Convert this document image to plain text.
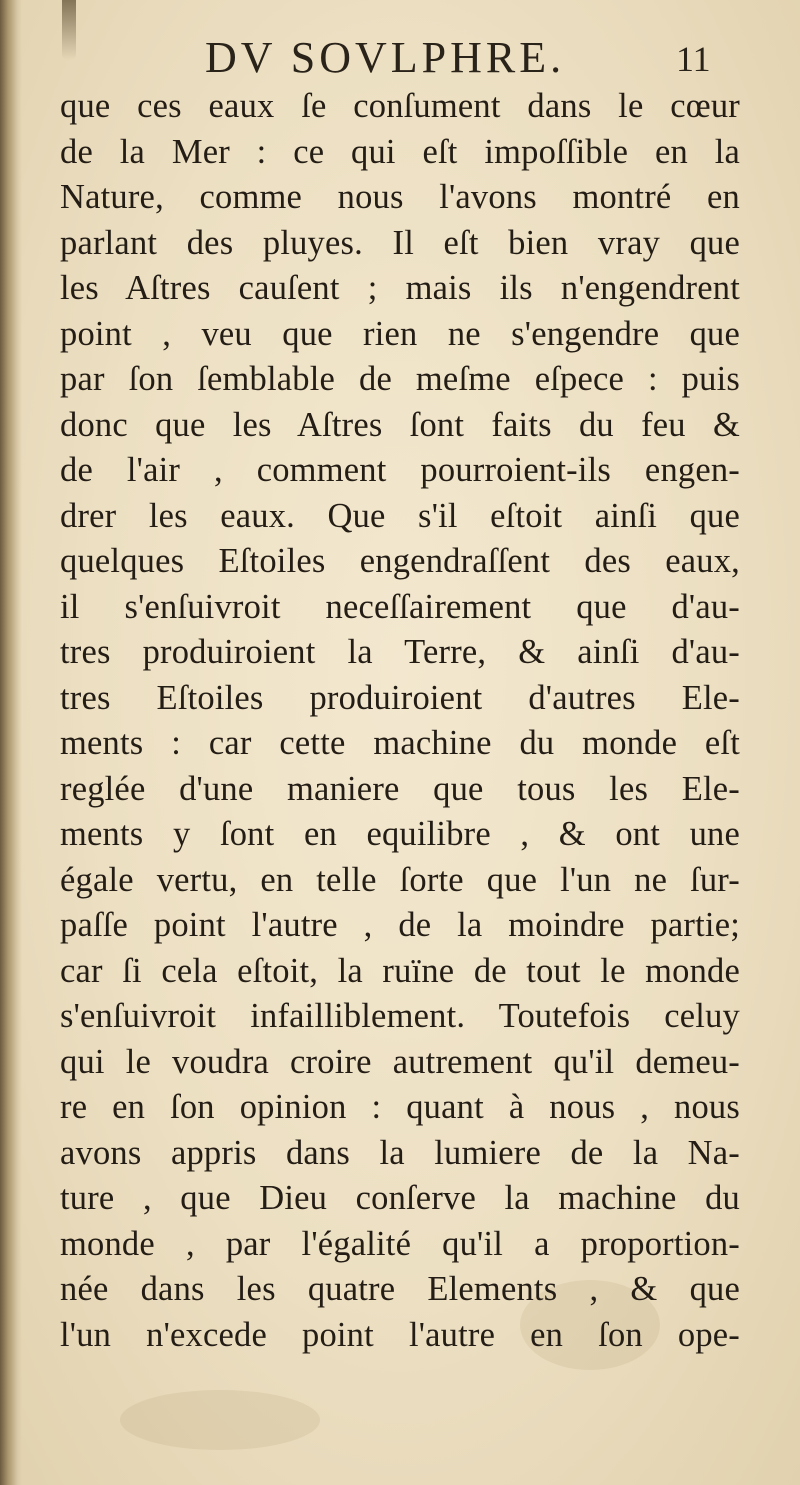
DV SOVLPHRE.	11
que ces eaux ſe conſument dans le cœur
de la Mer : ce qui eſt impoſſible en la
Nature, comme nous l'avons montré en
parlant des pluyes. Il eſt bien vray que
les Aſtres cauſent ; mais ils n'engendrent
point , veu que rien ne s'engendre que
par ſon ſemblable de meſme eſpece : puis
donc que les Aſtres ſont faits du feu &
de l'air , comment pourroient-ils engen-
drer les eaux. Que s'il eſtoit ainſi que
quelques Eſtoiles engendraſſent des eaux,
il s'enſuivroit neceſſairement que d'au-
tres produiroient la Terre, & ainſi d'au-
tres Eſtoiles produiroient d'autres Ele-
ments : car cette machine du monde eſt
reglée d'une maniere que tous les Ele-
ments y ſont en equilibre , & ont une
égale vertu, en telle ſorte que l'un ne ſur-
paſſe point l'autre , de la moindre partie;
car ſi cela eſtoit, la ruïne de tout le monde
s'enſuivroit infailliblement. Toutefois celuy
qui le voudra croire autrement qu'il demeu-
re en ſon opinion : quant à nous , nous
avons appris dans la lumiere de la Na-
ture , que Dieu conſerve la machine du
monde , par l'égalité qu'il a proportion-
née dans les quatre Elements , & que
l'un n'excede point l'autre en ſon ope-
